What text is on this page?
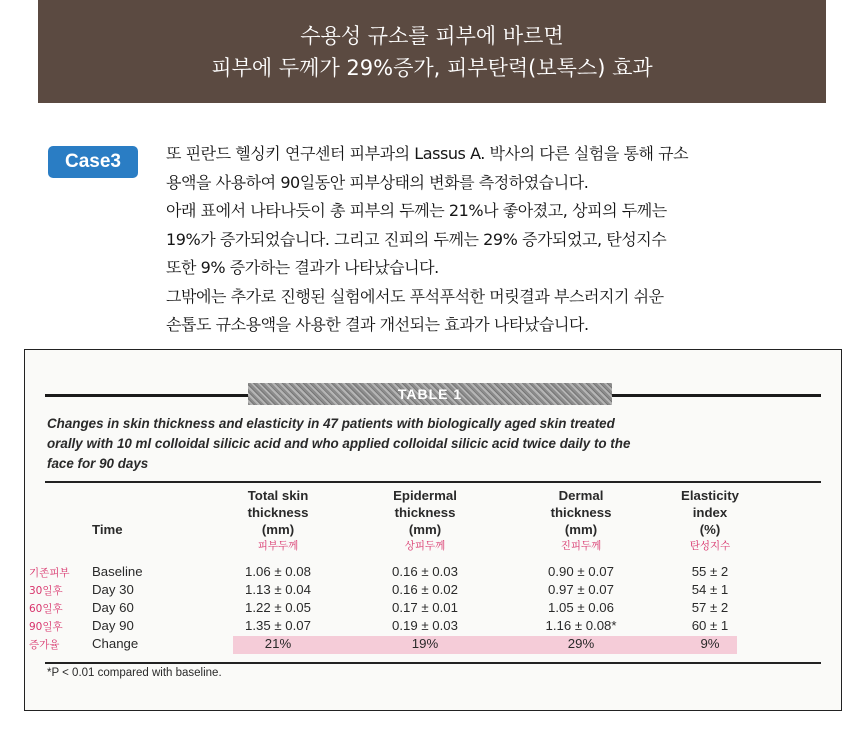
수용성 규소를 피부에 바르면
피부에 두께가 29%증가, 피부탄력(보톡스) 효과
Case3	또 핀란드 헬싱키 연구센터 피부과의 Lassus A. 박사의 다른 실험을 통해 규소

용액을 사용하여 90일동안 피부상태의 변화를 측정하였습니다.

아래 표에서 나타나듯이 총 피부의 두께는 21%나 좋아졌고, 상피의 두께는

19%가 증가되었습니다. 그리고 진피의 두께는 29% 증가되었고, 탄성지수

또한 9% 증가하는 결과가 나타났습니다.

그밖에는 추가로 진행된 실험에서도 푸석푸석한 머릿결과 부스러지기 쉬운

손톱도 규소용액을 사용한 결과 개선되는 효과가 나타났습니다.

TABLE 1
Changes in skin thickness and elasticity in 47 patients with biologically aged skin treated
orally with 10 ml colloidal silicic acid and who applied colloidal silicic acid twice daily to the
face for 90 days
Time
Total skin
thickness
(mm)
피부두께
Epidermal
thickness
(mm)
상피두께
Dermal
thickness
(mm)
진피두께
Elasticity
index
(%)
탄성지수
기존피부 Baseline	1.06 ± 0.08	0.16 ± 0.03	0.90 ± 0.07	55 ± 2
30일후 Day 30	1.13 ± 0.04	0.16 ± 0.02	0.97 ± 0.07	54 ± 1
60일후 Day 60	1.22 ± 0.05	0.17 ± 0.01	1.05 ± 0.06	57 ± 2
90일후 Day 90	1.35 ± 0.07	0.19 ± 0.03	1.16 ± 0.08*	60 ± 1
증가율 Change	21%	19%	29%	9%
*P < 0.01 compared with baseline.
